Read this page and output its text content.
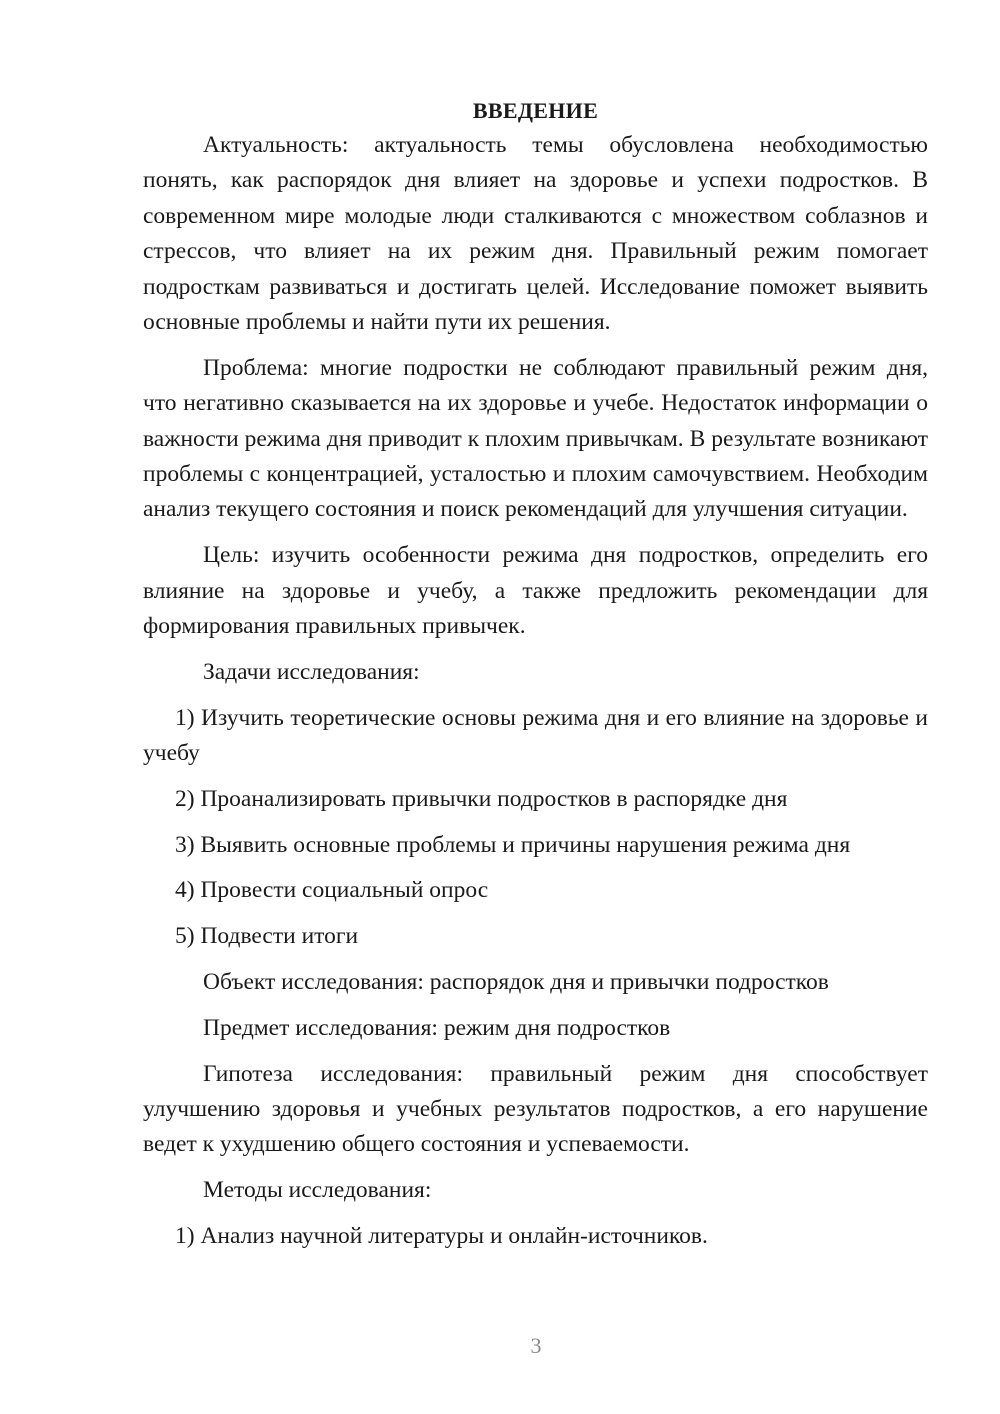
ВВЕДЕНИЕ

Актуальность: актуальность темы обусловлена необходимостью понять, как распорядок дня влияет на здоровье и успехи подростков. В современном мире молодые люди сталкиваются с множеством соблазнов и стрессов, что влияет на их режим дня. Правильный режим помогает подросткам развиваться и достигать целей. Исследование поможет выявить основные проблемы и найти пути их решения.

Проблема: многие подростки не соблюдают правильный режим дня, что негативно сказывается на их здоровье и учебе. Недостаток информации о важности режима дня приводит к плохим привычкам. В результате возникают проблемы с концентрацией, усталостью и плохим самочувствием. Необходим анализ текущего состояния и поиск рекомендаций для улучшения ситуации.

Цель: изучить особенности режима дня подростков, определить его влияние на здоровье и учебу, а также предложить рекомендации для формирования правильных привычек.

Задачи исследования:

1) Изучить теоретические основы режима дня и его влияние на здоровье и учебу

2) Проанализировать привычки подростков в распорядке дня

3) Выявить основные проблемы и причины нарушения режима дня

4) Провести социальный опрос

5) Подвести итоги

Объект исследования: распорядок дня и привычки подростков

Предмет исследования: режим дня подростков

Гипотеза исследования: правильный режим дня способствует улучшению здоровья и учебных результатов подростков, а его нарушение ведет к ухудшению общего состояния и успеваемости.

Методы исследования:

1) Анализ научной литературы и онлайн-источников.

3
